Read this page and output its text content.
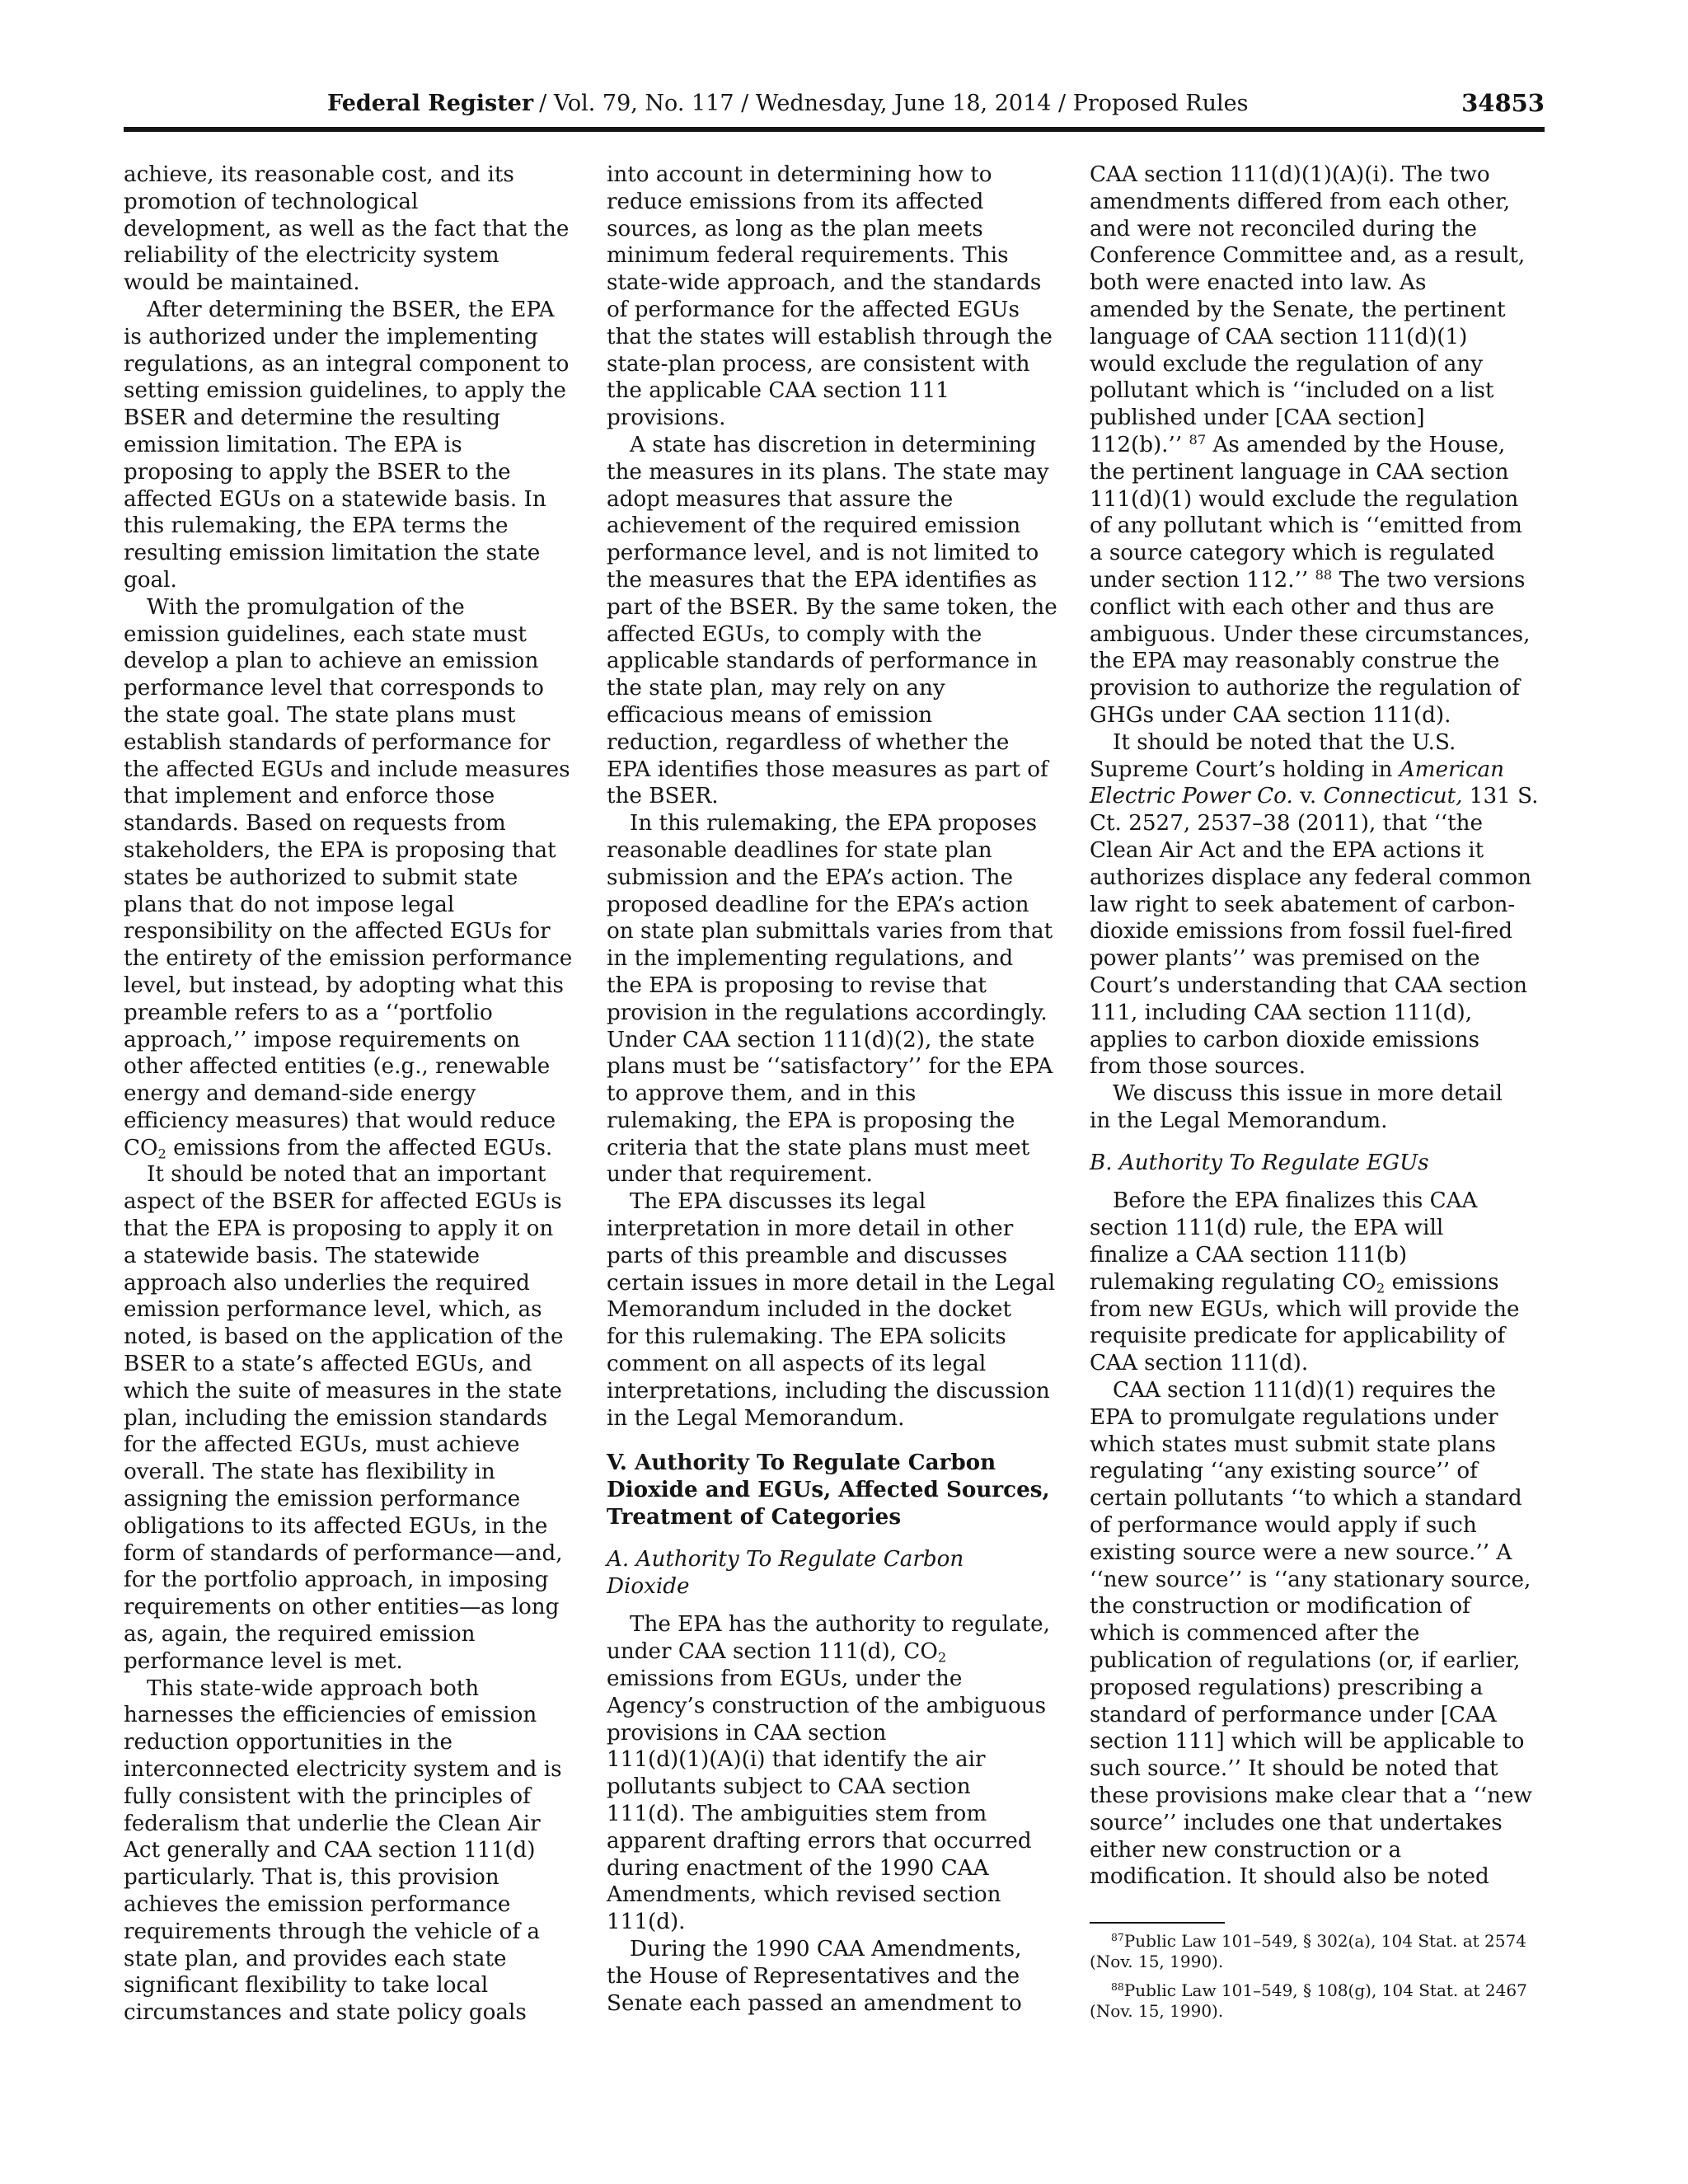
Federal Register / Vol. 79, No. 117 / Wednesday, June 18, 2014 / Proposed Rules	34853
achieve, its reasonable cost, and its
promotion of technological
development, as well as the fact that the
reliability of the electricity system
would be maintained.
After determining the BSER, the EPA
is authorized under the implementing
regulations, as an integral component to
setting emission guidelines, to apply the
BSER and determine the resulting
emission limitation. The EPA is
proposing to apply the BSER to the
affected EGUs on a statewide basis. In
this rulemaking, the EPA terms the
resulting emission limitation the state
goal.
With the promulgation of the
emission guidelines, each state must
develop a plan to achieve an emission
performance level that corresponds to
the state goal. The state plans must
establish standards of performance for
the affected EGUs and include measures
that implement and enforce those
standards. Based on requests from
stakeholders, the EPA is proposing that
states be authorized to submit state
plans that do not impose legal
responsibility on the affected EGUs for
the entirety of the emission performance
level, but instead, by adopting what this
preamble refers to as a ‘‘portfolio
approach,’’ impose requirements on
other affected entities (e.g., renewable
energy and demand-side energy
efficiency measures) that would reduce
$CO_2$ emissions from the affected EGUs.
It should be noted that an important
aspect of the BSER for affected EGUs is
that the EPA is proposing to apply it on
a statewide basis. The statewide
approach also underlies the required
emission performance level, which, as
noted, is based on the application of the
BSER to a state’s affected EGUs, and
which the suite of measures in the state
plan, including the emission standards
for the affected EGUs, must achieve
overall. The state has flexibility in
assigning the emission performance
obligations to its affected EGUs, in the
form of standards of performance—and,
for the portfolio approach, in imposing
requirements on other entities—as long
as, again, the required emission
performance level is met.
This state-wide approach both
harnesses the efficiencies of emission
reduction opportunities in the
interconnected electricity system and is
fully consistent with the principles of
federalism that underlie the Clean Air
Act generally and CAA section 111(d)
particularly. That is, this provision
achieves the emission performance
requirements through the vehicle of a
state plan, and provides each state
significant flexibility to take local
circumstances and state policy goals
into account in determining how to
reduce emissions from its affected
sources, as long as the plan meets
minimum federal requirements. This
state-wide approach, and the standards
of performance for the affected EGUs
that the states will establish through the
state-plan process, are consistent with
the applicable CAA section 111
provisions.
A state has discretion in determining
the measures in its plans. The state may
adopt measures that assure the
achievement of the required emission
performance level, and is not limited to
the measures that the EPA identifies as
part of the BSER. By the same token, the
affected EGUs, to comply with the
applicable standards of performance in
the state plan, may rely on any
efficacious means of emission
reduction, regardless of whether the
EPA identifies those measures as part of
the BSER.
In this rulemaking, the EPA proposes
reasonable deadlines for state plan
submission and the EPA’s action. The
proposed deadline for the EPA’s action
on state plan submittals varies from that
in the implementing regulations, and
the EPA is proposing to revise that
provision in the regulations accordingly.
Under CAA section 111(d)(2), the state
plans must be ‘‘satisfactory’’ for the EPA
to approve them, and in this
rulemaking, the EPA is proposing the
criteria that the state plans must meet
under that requirement.
The EPA discusses its legal
interpretation in more detail in other
parts of this preamble and discusses
certain issues in more detail in the Legal
Memorandum included in the docket
for this rulemaking. The EPA solicits
comment on all aspects of its legal
interpretations, including the discussion
in the Legal Memorandum.
V. Authority To Regulate Carbon
Dioxide and EGUs, Affected Sources,
Treatment of Categories
A. Authority To Regulate Carbon
Dioxide
The EPA has the authority to regulate,
under CAA section 111(d), $CO_2$
emissions from EGUs, under the
Agency’s construction of the ambiguous
provisions in CAA section
111(d)(1)(A)(i) that identify the air
pollutants subject to CAA section
111(d). The ambiguities stem from
apparent drafting errors that occurred
during enactment of the 1990 CAA
Amendments, which revised section
111(d).
During the 1990 CAA Amendments,
the House of Representatives and the
Senate each passed an amendment to
CAA section 111(d)(1)(A)(i). The two
amendments differed from each other,
and were not reconciled during the
Conference Committee and, as a result,
both were enacted into law. As
amended by the Senate, the pertinent
language of CAA section 111(d)(1)
would exclude the regulation of any
pollutant which is ‘‘included on a list
published under [CAA section]
112(b).’’ $^{87}$ As amended by the House,
the pertinent language in CAA section
111(d)(1) would exclude the regulation
of any pollutant which is ‘‘emitted from
a source category which is regulated
under section 112.’’ $^{88}$ The two versions
conflict with each other and thus are
ambiguous. Under these circumstances,
the EPA may reasonably construe the
provision to authorize the regulation of
GHGs under CAA section 111(d).
It should be noted that the U.S.
Supreme Court’s holding in American
Electric Power Co. v. Connecticut, 131 S.
Ct. 2527, 2537–38 (2011), that ‘‘the
Clean Air Act and the EPA actions it
authorizes displace any federal common
law right to seek abatement of carbon-
dioxide emissions from fossil fuel-fired
power plants’’ was premised on the
Court’s understanding that CAA section
111, including CAA section 111(d),
applies to carbon dioxide emissions
from those sources.
We discuss this issue in more detail
in the Legal Memorandum.
B. Authority To Regulate EGUs
Before the EPA finalizes this CAA
section 111(d) rule, the EPA will
finalize a CAA section 111(b)
rulemaking regulating $CO_2$ emissions
from new EGUs, which will provide the
requisite predicate for applicability of
CAA section 111(d).
CAA section 111(d)(1) requires the
EPA to promulgate regulations under
which states must submit state plans
regulating ‘‘any existing source’’ of
certain pollutants ‘‘to which a standard
of performance would apply if such
existing source were a new source.’’ A
‘‘new source’’ is ‘‘any stationary source,
the construction or modification of
which is commenced after the
publication of regulations (or, if earlier,
proposed regulations) prescribing a
standard of performance under [CAA
section 111] which will be applicable to
such source.’’ It should be noted that
these provisions make clear that a ‘‘new
source’’ includes one that undertakes
either new construction or a
modification. It should also be noted
$^{87}$Public Law 101–549, § 302(a), 104 Stat. at 2574
(Nov. 15, 1990).
$^{88}$Public Law 101–549, § 108(g), 104 Stat. at 2467
(Nov. 15, 1990).
